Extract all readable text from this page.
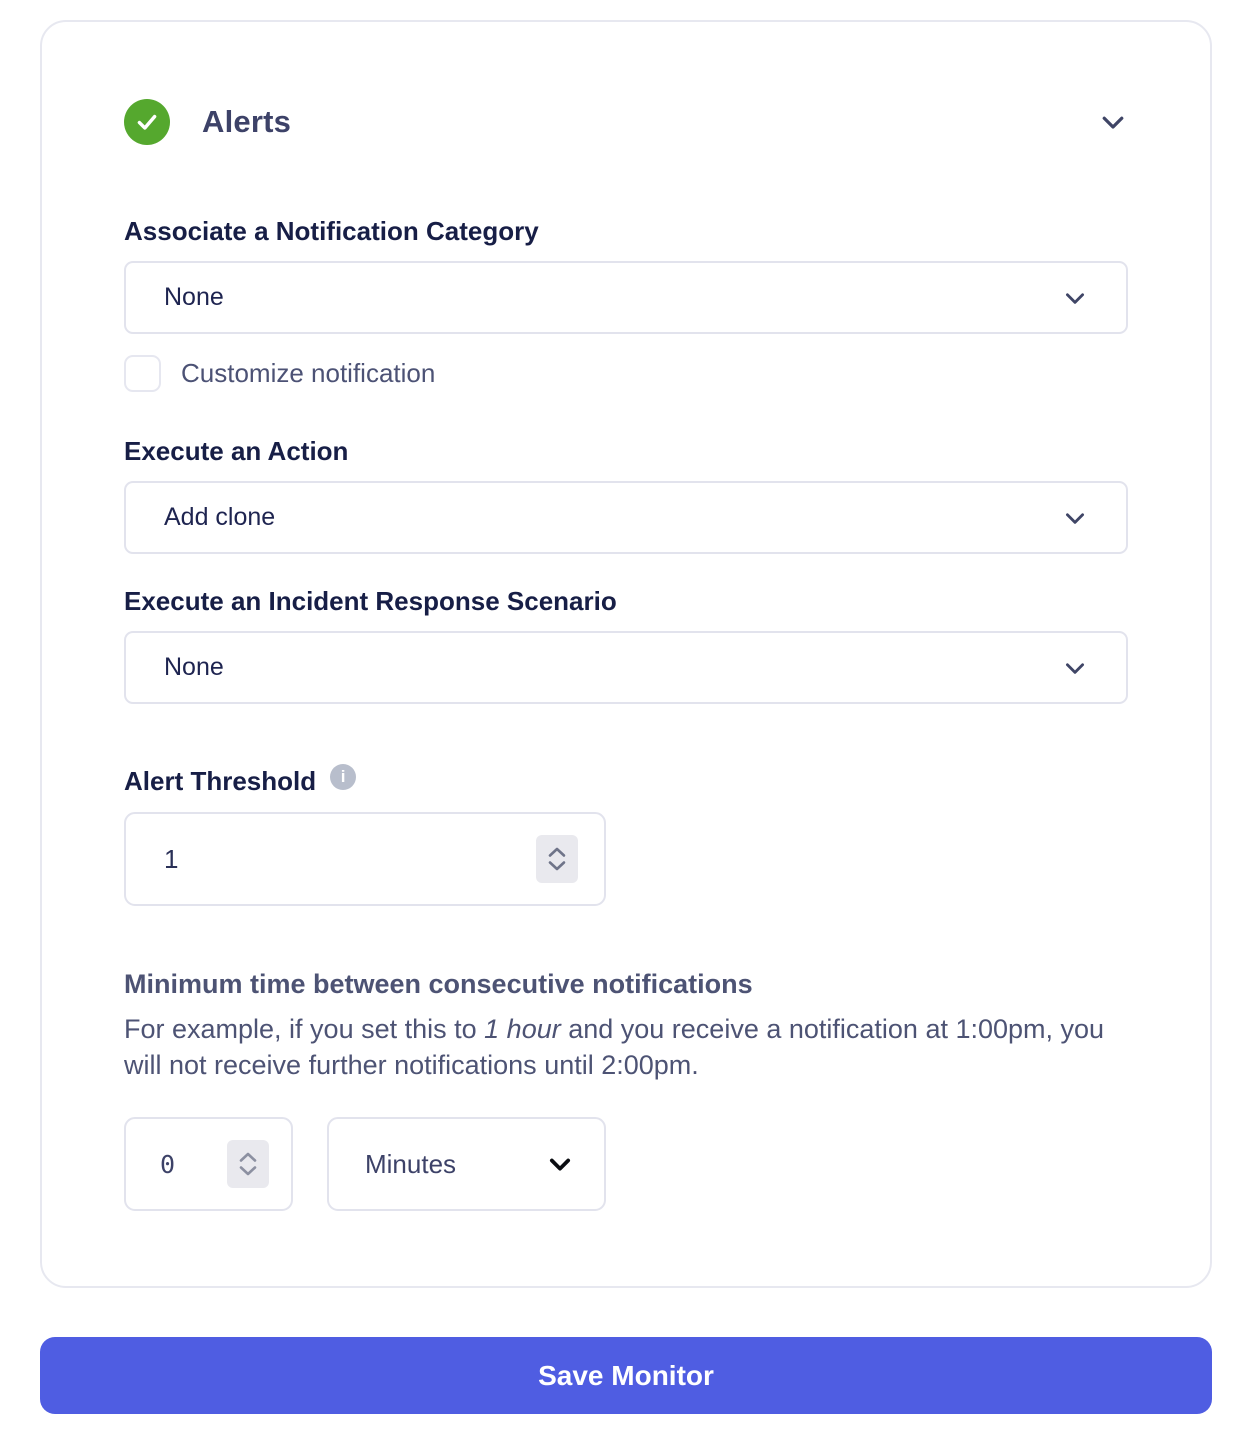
Alerts
Associate a Notification Category
None
Customize notification
Execute an Action
Add clone
Execute an Incident Response Scenario
None
Alert Threshold	i
1
Minimum time between consecutive notifications

For example, if you set this to 1 hour and you receive a notification at 1:00pm, you will not receive further notifications until 2:00pm.

0
Minutes
Save Monitor
